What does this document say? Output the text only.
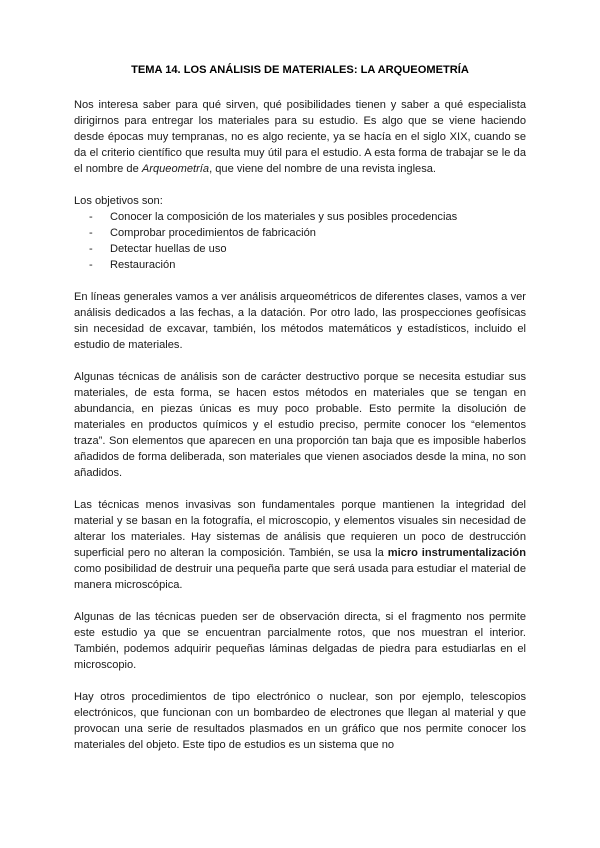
TEMA 14. LOS ANÁLISIS DE MATERIALES: LA ARQUEOMETRÍA

Nos interesa saber para qué sirven, qué posibilidades tienen y saber a qué especialista dirigirnos para entregar los materiales para su estudio. Es algo que se viene haciendo desde épocas muy tempranas, no es algo reciente, ya se hacía en el siglo XIX, cuando se da el criterio científico que resulta muy útil para el estudio. A esta forma de trabajar se le da el nombre de Arqueometría, que viene del nombre de una revista inglesa.

Los objetivos son:

- Conocer la composición de los materiales y sus posibles procedencias
- Comprobar procedimientos de fabricación
- Detectar huellas de uso
- Restauración

En líneas generales vamos a ver análisis arqueométricos de diferentes clases, vamos a ver análisis dedicados a las fechas, a la datación. Por otro lado, las prospecciones geofísicas sin necesidad de excavar, también, los métodos matemáticos y estadísticos, incluido el estudio de materiales.

Algunas técnicas de análisis son de carácter destructivo porque se necesita estudiar sus materiales, de esta forma, se hacen estos métodos en materiales que se tengan en abundancia, en piezas únicas es muy poco probable. Esto permite la disolución de materiales en productos químicos y el estudio preciso, permite conocer los “elementos traza”. Son elementos que aparecen en una proporción tan baja que es imposible haberlos añadidos de forma deliberada, son materiales que vienen asociados desde la mina, no son añadidos.

Las técnicas menos invasivas son fundamentales porque mantienen la integridad del material y se basan en la fotografía, el microscopio, y elementos visuales sin necesidad de alterar los materiales. Hay sistemas de análisis que requieren un poco de destrucción superficial pero no alteran la composición. También, se usa la micro instrumentalización como posibilidad de destruir una pequeña parte que será usada para estudiar el material de manera microscópica.

Algunas de las técnicas pueden ser de observación directa, si el fragmento nos permite este estudio ya que se encuentran parcialmente rotos, que nos muestran el interior. También, podemos adquirir pequeñas láminas delgadas de piedra para estudiarlas en el microscopio.

Hay otros procedimientos de tipo electrónico o nuclear, son por ejemplo, telescopios electrónicos, que funcionan con un bombardeo de electrones que llegan al material y que provocan una serie de resultados plasmados en un gráfico que nos permite conocer los materiales del objeto. Este tipo de estudios es un sistema que no
